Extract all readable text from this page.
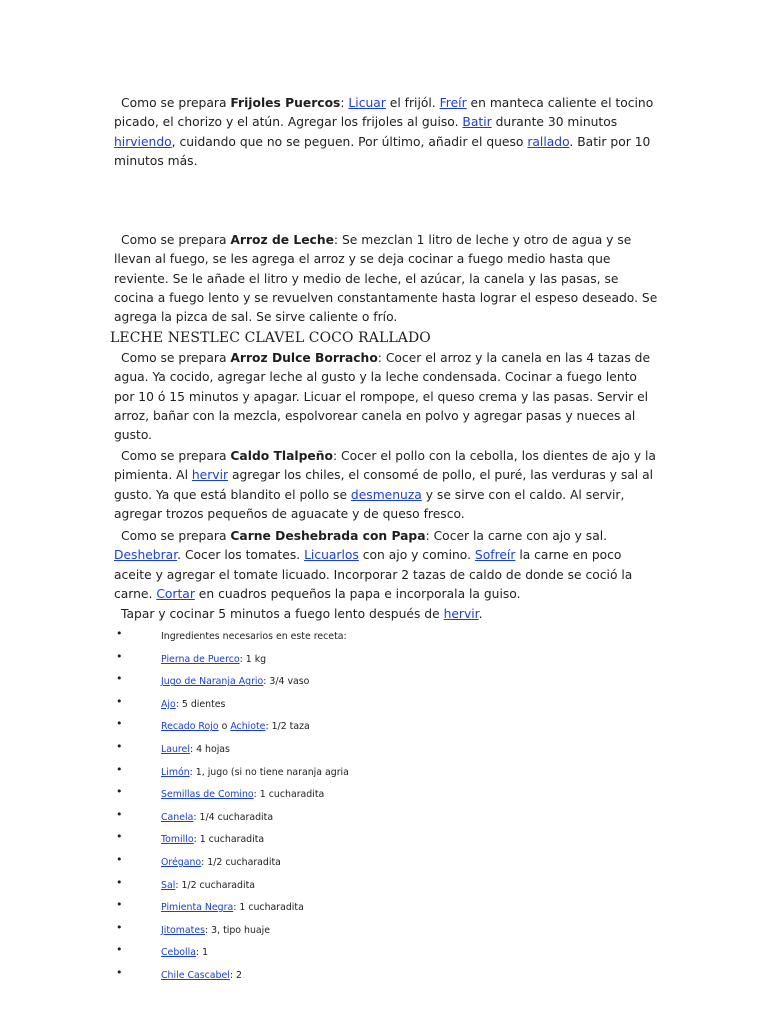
Como se prepara Frijoles Puercos: Licuar el frijól. Freír en manteca caliente el tocino picado, el chorizo y el atún. Agregar los frijoles al guiso. Batir durante 30 minutos hirviendo, cuidando que no se peguen. Por último, añadir el queso rallado. Batir por 10 minutos más.

Como se prepara Arroz de Leche: Se mezclan 1 litro de leche y otro de agua y se llevan al fuego, se les agrega el arroz y se deja cocinar a fuego medio hasta que reviente. Se le añade el litro y medio de leche, el azúcar, la canela y las pasas, se cocina a fuego lento y se revuelven constantamente hasta lograr el espeso deseado. Se agrega la pizca de sal. Se sirve caliente o frío.

LECHE NESTLEC CLAVEL COCO RALLADO

Como se prepara Arroz Dulce Borracho: Cocer el arroz y la canela en las 4 tazas de agua. Ya cocido, agregar leche al gusto y la leche condensada. Cocinar a fuego lento por 10 ó 15 minutos y apagar. Licuar el rompope, el queso crema y las pasas. Servir el arroz, bañar con la mezcla, espolvorear canela en polvo y agregar pasas y nueces al gusto.

Como se prepara Caldo Tlalpeño: Cocer el pollo con la cebolla, los dientes de ajo y la pimienta. Al hervir agregar los chiles, el consomé de pollo, el puré, las verduras y sal al gusto. Ya que está blandito el pollo se desmenuza y se sirve con el caldo. Al servir, agregar trozos pequeños de aguacate y de queso fresco.

Como se prepara Carne Deshebrada con Papa: Cocer la carne con ajo y sal. Deshebrar. Cocer los tomates. Licuarlos con ajo y comino. Sofreír la carne en poco aceite y agregar el tomate licuado. Incorporar 2 tazas de caldo de donde se coció la carne. Cortar en cuadros pequeños la papa e incorporala la guiso.

Tapar y cocinar 5 minutos a fuego lento después de hervir.

•	Ingredientes necesarios en este receta:
•	Pierna de Puerco: 1 kg
•	Jugo de Naranja Agrio: 3/4 vaso
•	Ajo: 5 dientes
•	Recado Rojo o Achiote: 1/2 taza
•	Laurel: 4 hojas
•	Limón: 1, jugo (si no tiene naranja agria
•	Semillas de Comino: 1 cucharadita
•	Canela: 1/4 cucharadita
•	Tomillo: 1 cucharadita
•	Orégano: 1/2 cucharadita
•	Sal: 1/2 cucharadita
•	Pimienta Negra: 1 cucharadita
•	Jitomates: 3, tipo huaje
•	Cebolla: 1
•	Chile Cascabel: 2
